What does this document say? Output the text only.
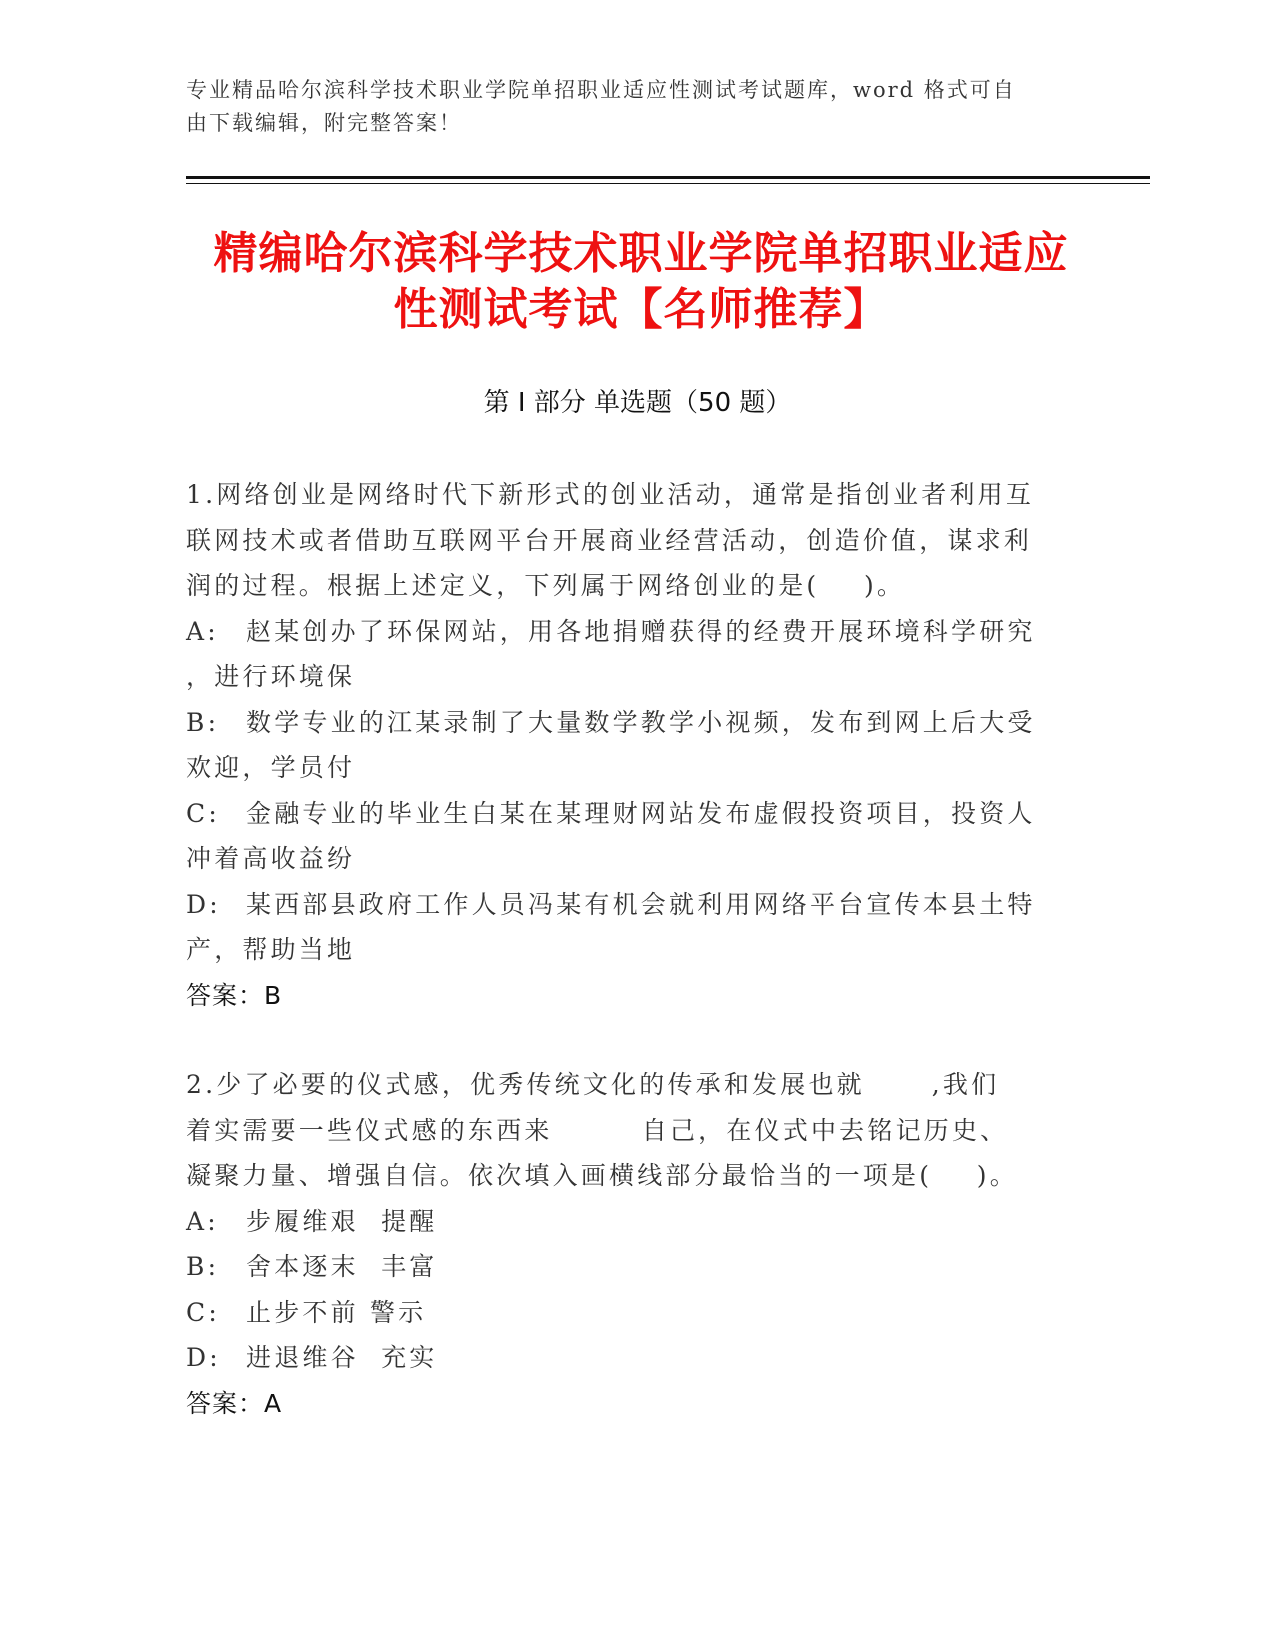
专业精品哈尔滨科学技术职业学院单招职业适应性测试考试题库，word 格式可自
由下载编辑，附完整答案！
精编哈尔滨科学技术职业学院单招职业适应
性测试考试【名师推荐】
第 I 部分 单选题（50 题）

1.网络创业是网络时代下新形式的创业活动，通常是指创业者利用互

联网技术或者借助互联网平台开展商业经营活动，创造价值，谋求利

润的过程。根据上述定义，下列属于网络创业的是(    )。

A: 赵某创办了环保网站，用各地捐赠获得的经费开展环境科学研究

，进行环境保

B: 数学专业的江某录制了大量数学教学小视频，发布到网上后大受

欢迎，学员付

C: 金融专业的毕业生白某在某理财网站发布虚假投资项目，投资人

冲着高收益纷

D: 某西部县政府工作人员冯某有机会就利用网络平台宣传本县土特

产，帮助当地

答案：B

2.少了必要的仪式感，优秀传统文化的传承和发展也就      ,我们

着实需要一些仪式感的东西来        自己，在仪式中去铭记历史、

凝聚力量、增强自信。依次填入画横线部分最恰当的一项是(    )。

A: 步履维艰  提醒

B: 舍本逐末  丰富

C: 止步不前 警示

D: 进退维谷  充实

答案：A
